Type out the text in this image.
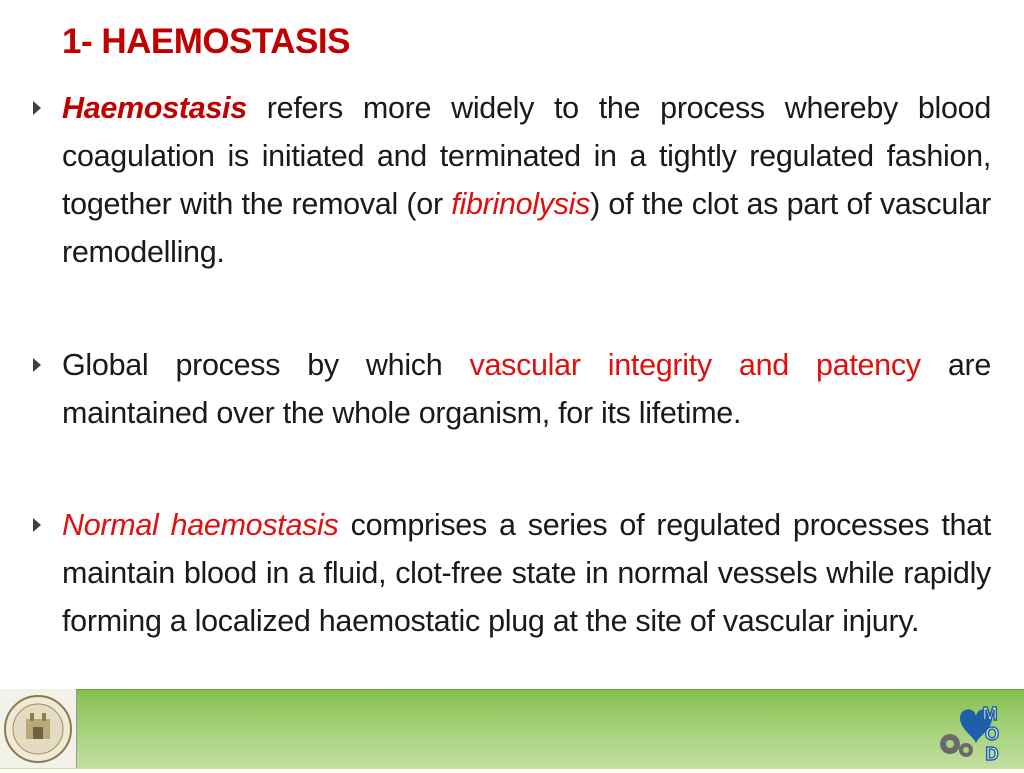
1- HAEMOSTASIS

Haemostasis refers more widely to the process whereby blood coagulation is initiated and terminated in a tightly regulated fashion, together with the removal (or fibrinolysis) of the clot as part of vascular remodelling.

Global process by which vascular integrity and patency are maintained over the whole organism, for its lifetime.

Normal haemostasis comprises a series of regulated processes that maintain blood in a fluid, clot-free state in normal vessels while rapidly forming a localized haemostatic plug at the site of vascular injury.

M
O
D
